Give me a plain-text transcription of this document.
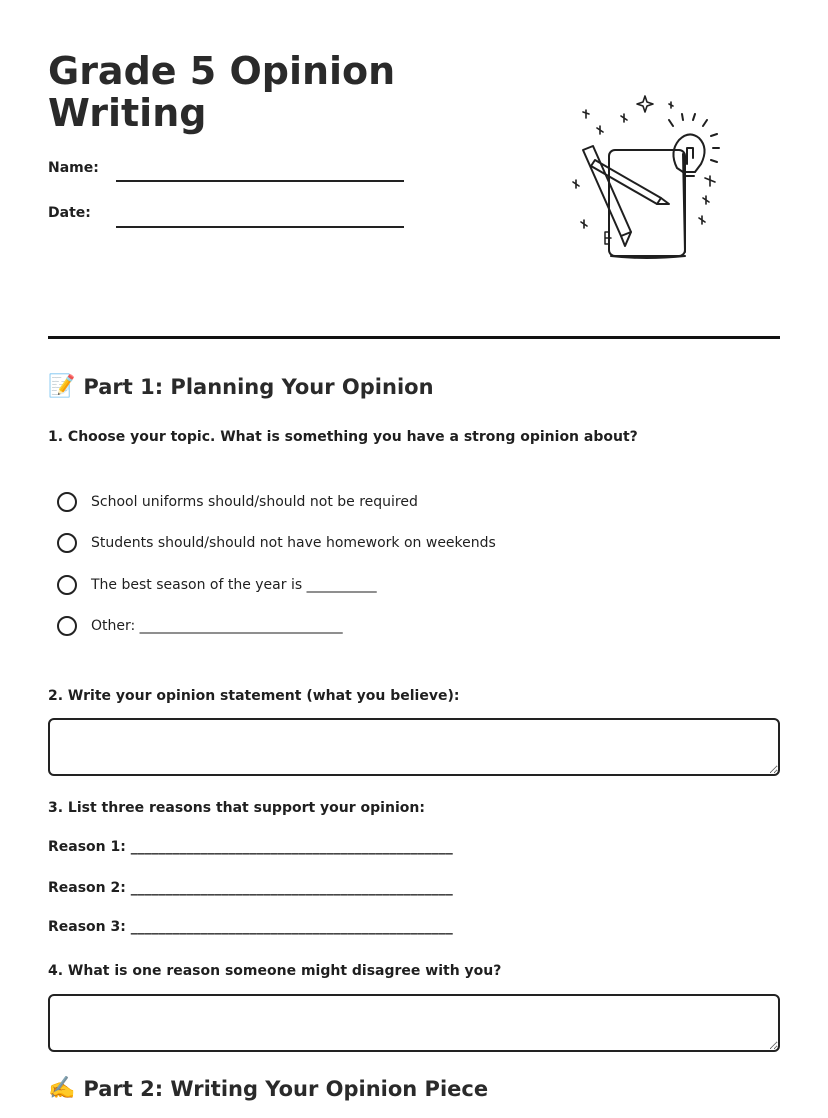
Grade 5 Opinion Writing
Name:
Date:
📝 Part 1: Planning Your Opinion

1. Choose your topic. What is something you have a strong opinion about?

School uniforms should/should not be required
Students should/should not have homework on weekends
The best season of the year is __________
Other: _____________________________

2. Write your opinion statement (what you believe):

3. List three reasons that support your opinion:

Reason 1: ______________________________________________
Reason 2: ______________________________________________
Reason 3: ______________________________________________

4. What is one reason someone might disagree with you?

✍️ Part 2: Writing Your Opinion Piece
